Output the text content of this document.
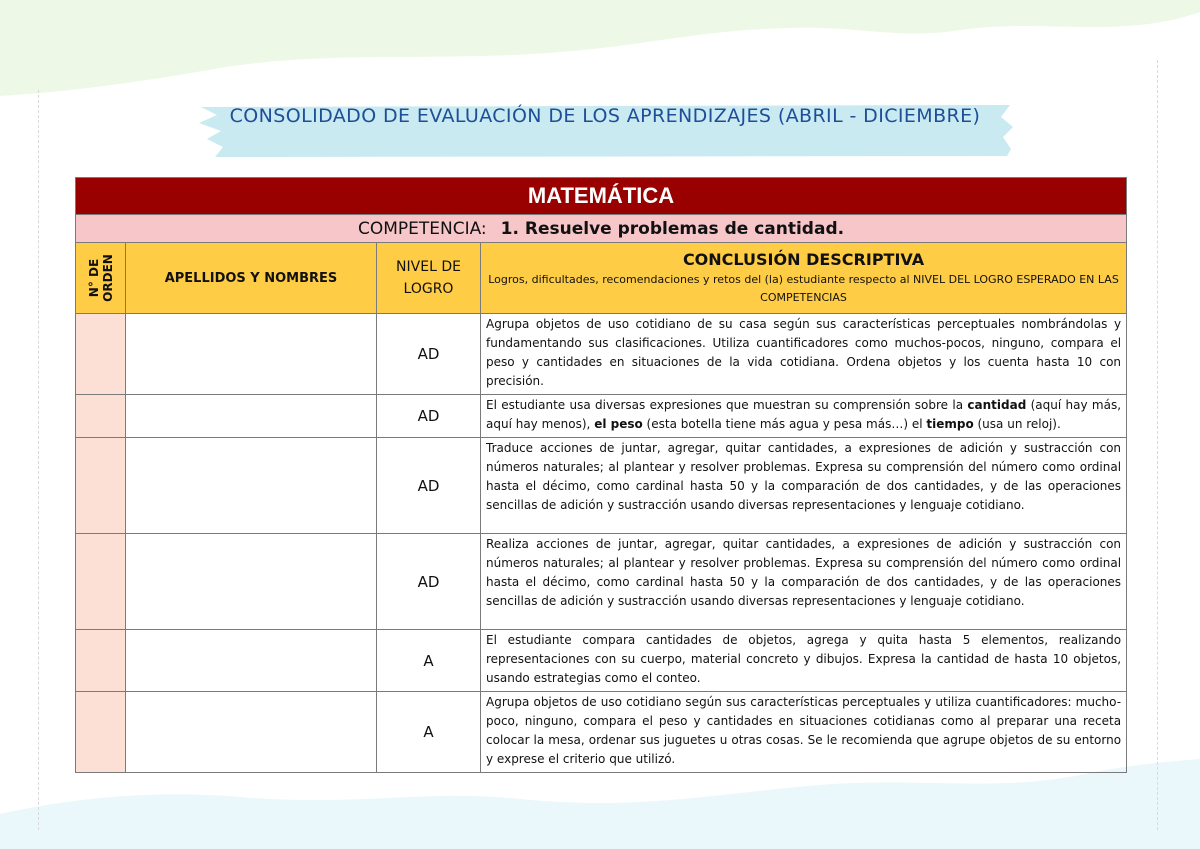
CONSOLIDADO DE EVALUACIÓN DE LOS APRENDIZAJES (ABRIL - DICIEMBRE)
MATEMÁTICA			
COMPETENCIA: 1. Resuelve problemas de cantidad.			

N° DE ORDEN	APELLIDOS Y NOMBRES	NIVEL DE LOGRO	CONCLUSIÓN DESCRIPTIVA
Logros, dificultades, recomendaciones y retos del (la) estudiante respecto al NIVEL DEL LOGRO ESPERADO EN LAS COMPETENCIAS

		AD	Agrupa objetos de uso cotidiano de su casa según sus características perceptuales nombrándolas y fundamentando sus clasificaciones. Utiliza cuantificadores como muchos-pocos, ninguno, compara el peso y cantidades en situaciones de la vida cotidiana. Ordena objetos y los cuenta hasta 10 con precisión.
		AD	El estudiante usa diversas expresiones que muestran su comprensión sobre la cantidad (aquí hay más, aquí hay menos), el peso (esta botella tiene más agua y pesa más…) el tiempo (usa un reloj).
		AD	Traduce acciones de juntar, agregar, quitar cantidades, a expresiones de adición y sustracción con números naturales; al plantear y resolver problemas. Expresa su comprensión del número como ordinal hasta el décimo, como cardinal hasta 50 y la comparación de dos cantidades, y de las operaciones sencillas de adición y sustracción usando diversas representaciones y lenguaje cotidiano.
		AD	Realiza acciones de juntar, agregar, quitar cantidades, a expresiones de adición y sustracción con números naturales; al plantear y resolver problemas. Expresa su comprensión del número como ordinal hasta el décimo, como cardinal hasta 50 y la comparación de dos cantidades, y de las operaciones sencillas de adición y sustracción usando diversas representaciones y lenguaje cotidiano.
		A	El estudiante compara cantidades de objetos, agrega y quita hasta 5 elementos, realizando representaciones con su cuerpo, material concreto y dibujos. Expresa la cantidad de hasta 10 objetos, usando estrategias como el conteo.
		A	Agrupa objetos de uso cotidiano según sus características perceptuales y utiliza cuantificadores: mucho-poco, ninguno, compara el peso y cantidades en situaciones cotidianas como al preparar una receta colocar la mesa, ordenar sus juguetes u otras cosas. Se le recomienda que agrupe objetos de su entorno y exprese el criterio que utilizó.
